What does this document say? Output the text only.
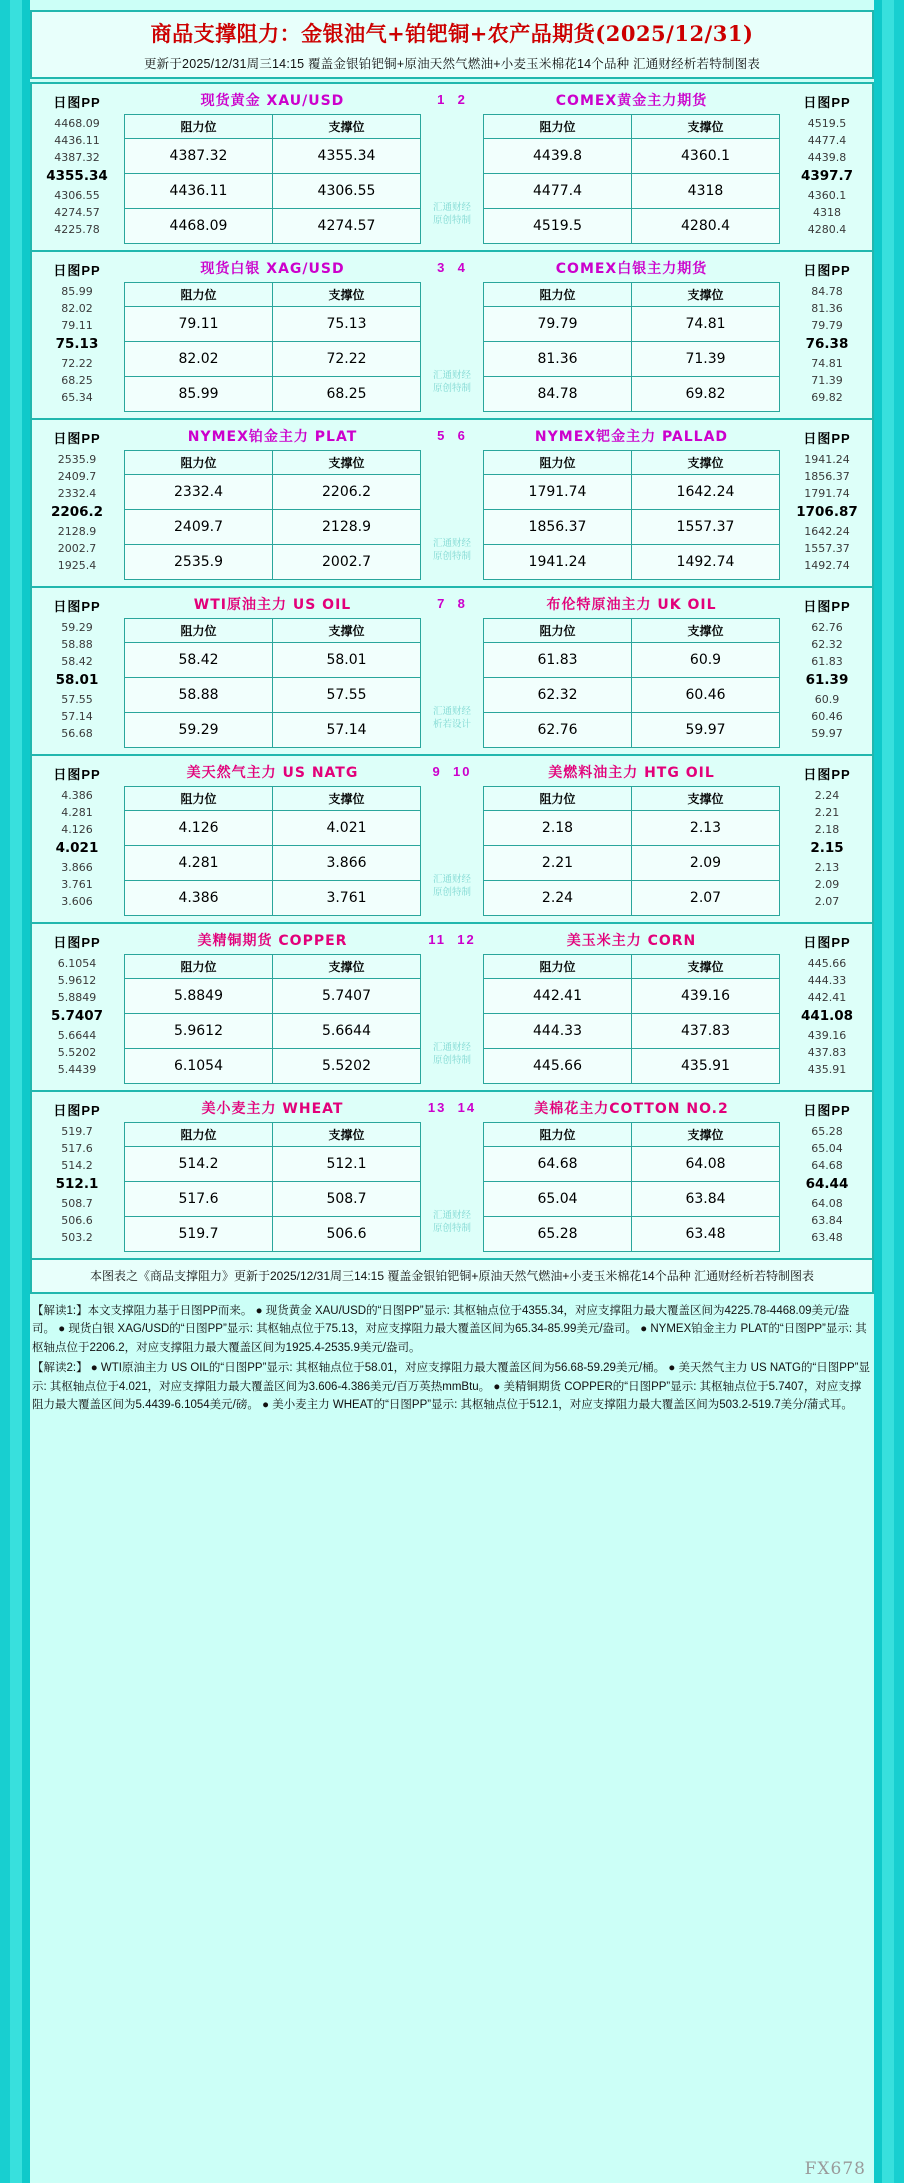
商品支撑阻力：金银油气+铂钯铜+农产品期货(2025/12/31)
更新于2025/12/31周三14:15 覆盖金银铂钯铜+原油天然气燃油+小麦玉米棉花14个品种 汇通财经析若特制图表
日图PP
4468.09
4436.11
4387.32
4355.34
4306.55
4274.57
4225.78
现货黄金 XAU/USD
阻力位	支撑位
4387.32	4355.34
4436.11	4306.55
4468.09	4274.57
1 2
汇通财经
原创特制
COMEX黄金主力期货
阻力位	支撑位
4439.8	4360.1
4477.4	4318
4519.5	4280.4
日图PP
4519.5
4477.4
4439.8
4397.7
4360.1
4318
4280.4
日图PP
85.99
82.02
79.11
75.13
72.22
68.25
65.34
现货白银 XAG/USD
阻力位	支撑位
79.11	75.13
82.02	72.22
85.99	68.25
3 4
汇通财经
原创特制
COMEX白银主力期货
阻力位	支撑位
79.79	74.81
81.36	71.39
84.78	69.82
日图PP
84.78
81.36
79.79
76.38
74.81
71.39
69.82
日图PP
2535.9
2409.7
2332.4
2206.2
2128.9
2002.7
1925.4
NYMEX铂金主力 PLAT
阻力位	支撑位
2332.4	2206.2
2409.7	2128.9
2535.9	2002.7
5 6
汇通财经
原创特制
NYMEX钯金主力 PALLAD
阻力位	支撑位
1791.74	1642.24
1856.37	1557.37
1941.24	1492.74
日图PP
1941.24
1856.37
1791.74
1706.87
1642.24
1557.37
1492.74
日图PP
59.29
58.88
58.42
58.01
57.55
57.14
56.68
WTI原油主力 US OIL
阻力位	支撑位
58.42	58.01
58.88	57.55
59.29	57.14
7 8
汇通财经
析若设计
布伦特原油主力 UK OIL
阻力位	支撑位
61.83	60.9
62.32	60.46
62.76	59.97
日图PP
62.76
62.32
61.83
61.39
60.9
60.46
59.97
日图PP
4.386
4.281
4.126
4.021
3.866
3.761
3.606
美天然气主力 US NATG
阻力位	支撑位
4.126	4.021
4.281	3.866
4.386	3.761
9 10
汇通财经
原创特制
美燃料油主力 HTG OIL
阻力位	支撑位
2.18	2.13
2.21	2.09
2.24	2.07
日图PP
2.24
2.21
2.18
2.15
2.13
2.09
2.07
日图PP
6.1054
5.9612
5.8849
5.7407
5.6644
5.5202
5.4439
美精铜期货 COPPER
阻力位	支撑位
5.8849	5.7407
5.9612	5.6644
6.1054	5.5202
11 12
汇通财经
原创特制
美玉米主力 CORN
阻力位	支撑位
442.41	439.16
444.33	437.83
445.66	435.91
日图PP
445.66
444.33
442.41
441.08
439.16
437.83
435.91
日图PP
519.7
517.6
514.2
512.1
508.7
506.6
503.2
美小麦主力 WHEAT
阻力位	支撑位
514.2	512.1
517.6	508.7
519.7	506.6
13 14
汇通财经
原创特制
美棉花主力COTTON NO.2
阻力位	支撑位
64.68	64.08
65.04	63.84
65.28	63.48
日图PP
65.28
65.04
64.68
64.44
64.08
63.84
63.48
本图表之《商品支撑阻力》更新于2025/12/31周三14:15 覆盖金银铂钯铜+原油天然气燃油+小麦玉米棉花14个品种 汇通财经析若特制图表

【解读1:】本文支撑阻力基于日图PP而来。 ● 现货黄金 XAU/USD的“日图PP”显示: 其枢轴点位于4355.34，对应支撑阻力最大覆盖区间为4225.78-4468.09美元/盎司。 ● 现货白银 XAG/USD的“日图PP”显示: 其枢轴点位于75.13，对应支撑阻力最大覆盖区间为65.34-85.99美元/盎司。 ● NYMEX铂金主力 PLAT的“日图PP”显示: 其枢轴点位于2206.2，对应支撑阻力最大覆盖区间为1925.4-2535.9美元/盎司。

【解读2:】 ● WTI原油主力 US OIL的“日图PP”显示: 其枢轴点位于58.01，对应支撑阻力最大覆盖区间为56.68-59.29美元/桶。 ● 美天然气主力 US NATG的“日图PP”显示: 其枢轴点位于4.021，对应支撑阻力最大覆盖区间为3.606-4.386美元/百万英热mmBtu。 ● 美精铜期货 COPPER的“日图PP”显示: 其枢轴点位于5.7407，对应支撑阻力最大覆盖区间为5.4439-6.1054美元/磅。 ● 美小麦主力 WHEAT的“日图PP”显示: 其枢轴点位于512.1，对应支撑阻力最大覆盖区间为503.2-519.7美分/蒲式耳。

FX678
